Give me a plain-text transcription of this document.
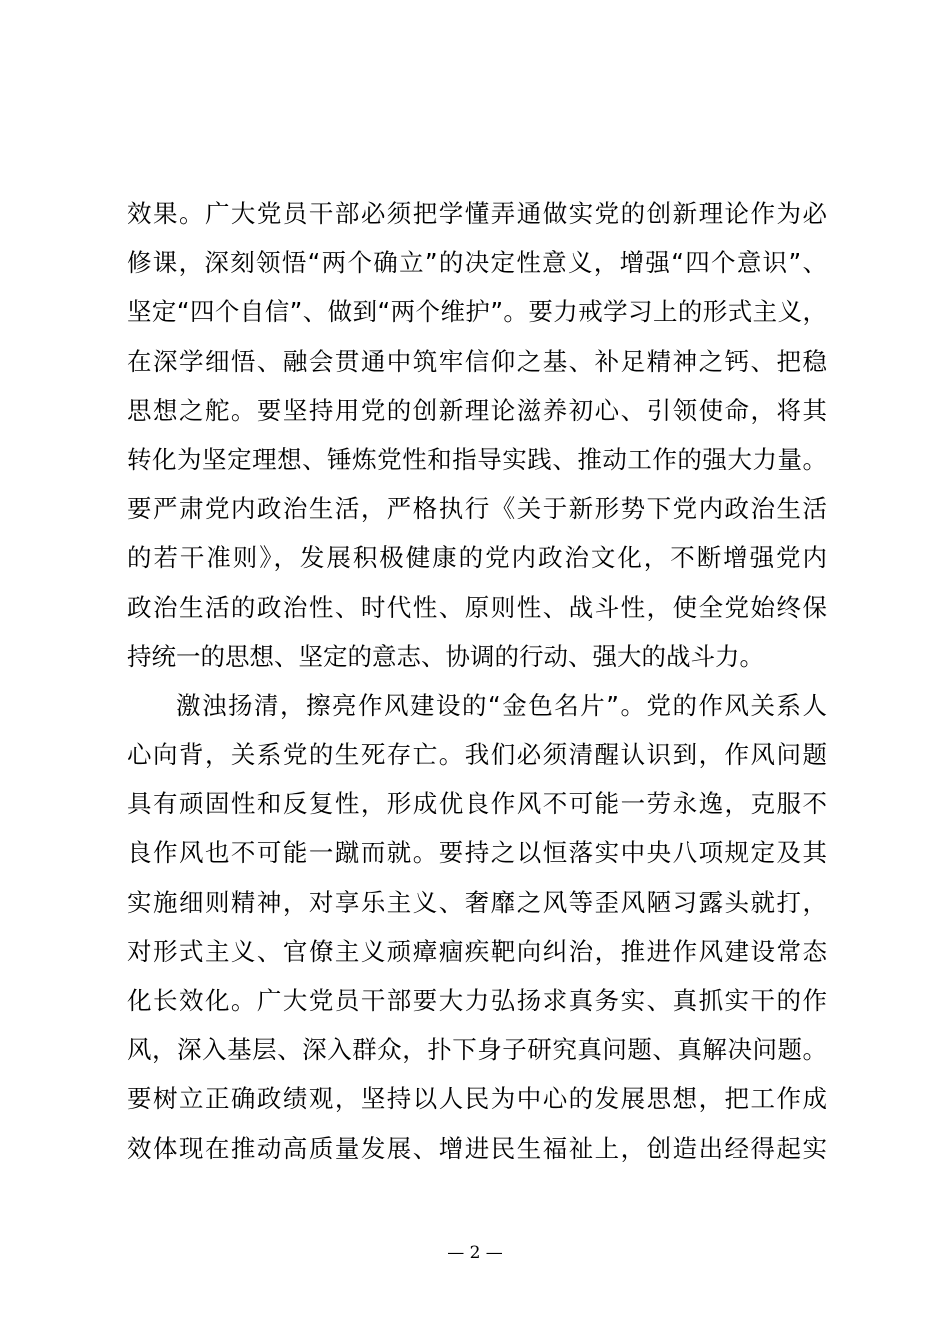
效果。广大党员干部必须把学懂弄通做实党的创新理论作为必
修课，深刻领悟“两个确立”的决定性意义，增强“四个意识”、
坚定“四个自信”、做到“两个维护”。要力戒学习上的形式主义，
在深学细悟、融会贯通中筑牢信仰之基、补足精神之钙、把稳
思想之舵。要坚持用党的创新理论滋养初心、引领使命，将其
转化为坚定理想、锤炼党性和指导实践、推动工作的强大力量。
要严肃党内政治生活，严格执行《关于新形势下党内政治生活
的若干准则》，发展积极健康的党内政治文化，不断增强党内
政治生活的政治性、时代性、原则性、战斗性，使全党始终保
持统一的思想、坚定的意志、协调的行动、强大的战斗力。
激浊扬清，擦亮作风建设的“金色名片”。党的作风关系人
心向背，关系党的生死存亡。我们必须清醒认识到，作风问题
具有顽固性和反复性，形成优良作风不可能一劳永逸，克服不
良作风也不可能一蹴而就。要持之以恒落实中央八项规定及其
实施细则精神，对享乐主义、奢靡之风等歪风陋习露头就打，
对形式主义、官僚主义顽瘴痼疾靶向纠治，推进作风建设常态
化长效化。广大党员干部要大力弘扬求真务实、真抓实干的作
风，深入基层、深入群众，扑下身子研究真问题、真解决问题。
要树立正确政绩观，坚持以人民为中心的发展思想，把工作成
效体现在推动高质量发展、增进民生福祉上，创造出经得起实
— 2 —
